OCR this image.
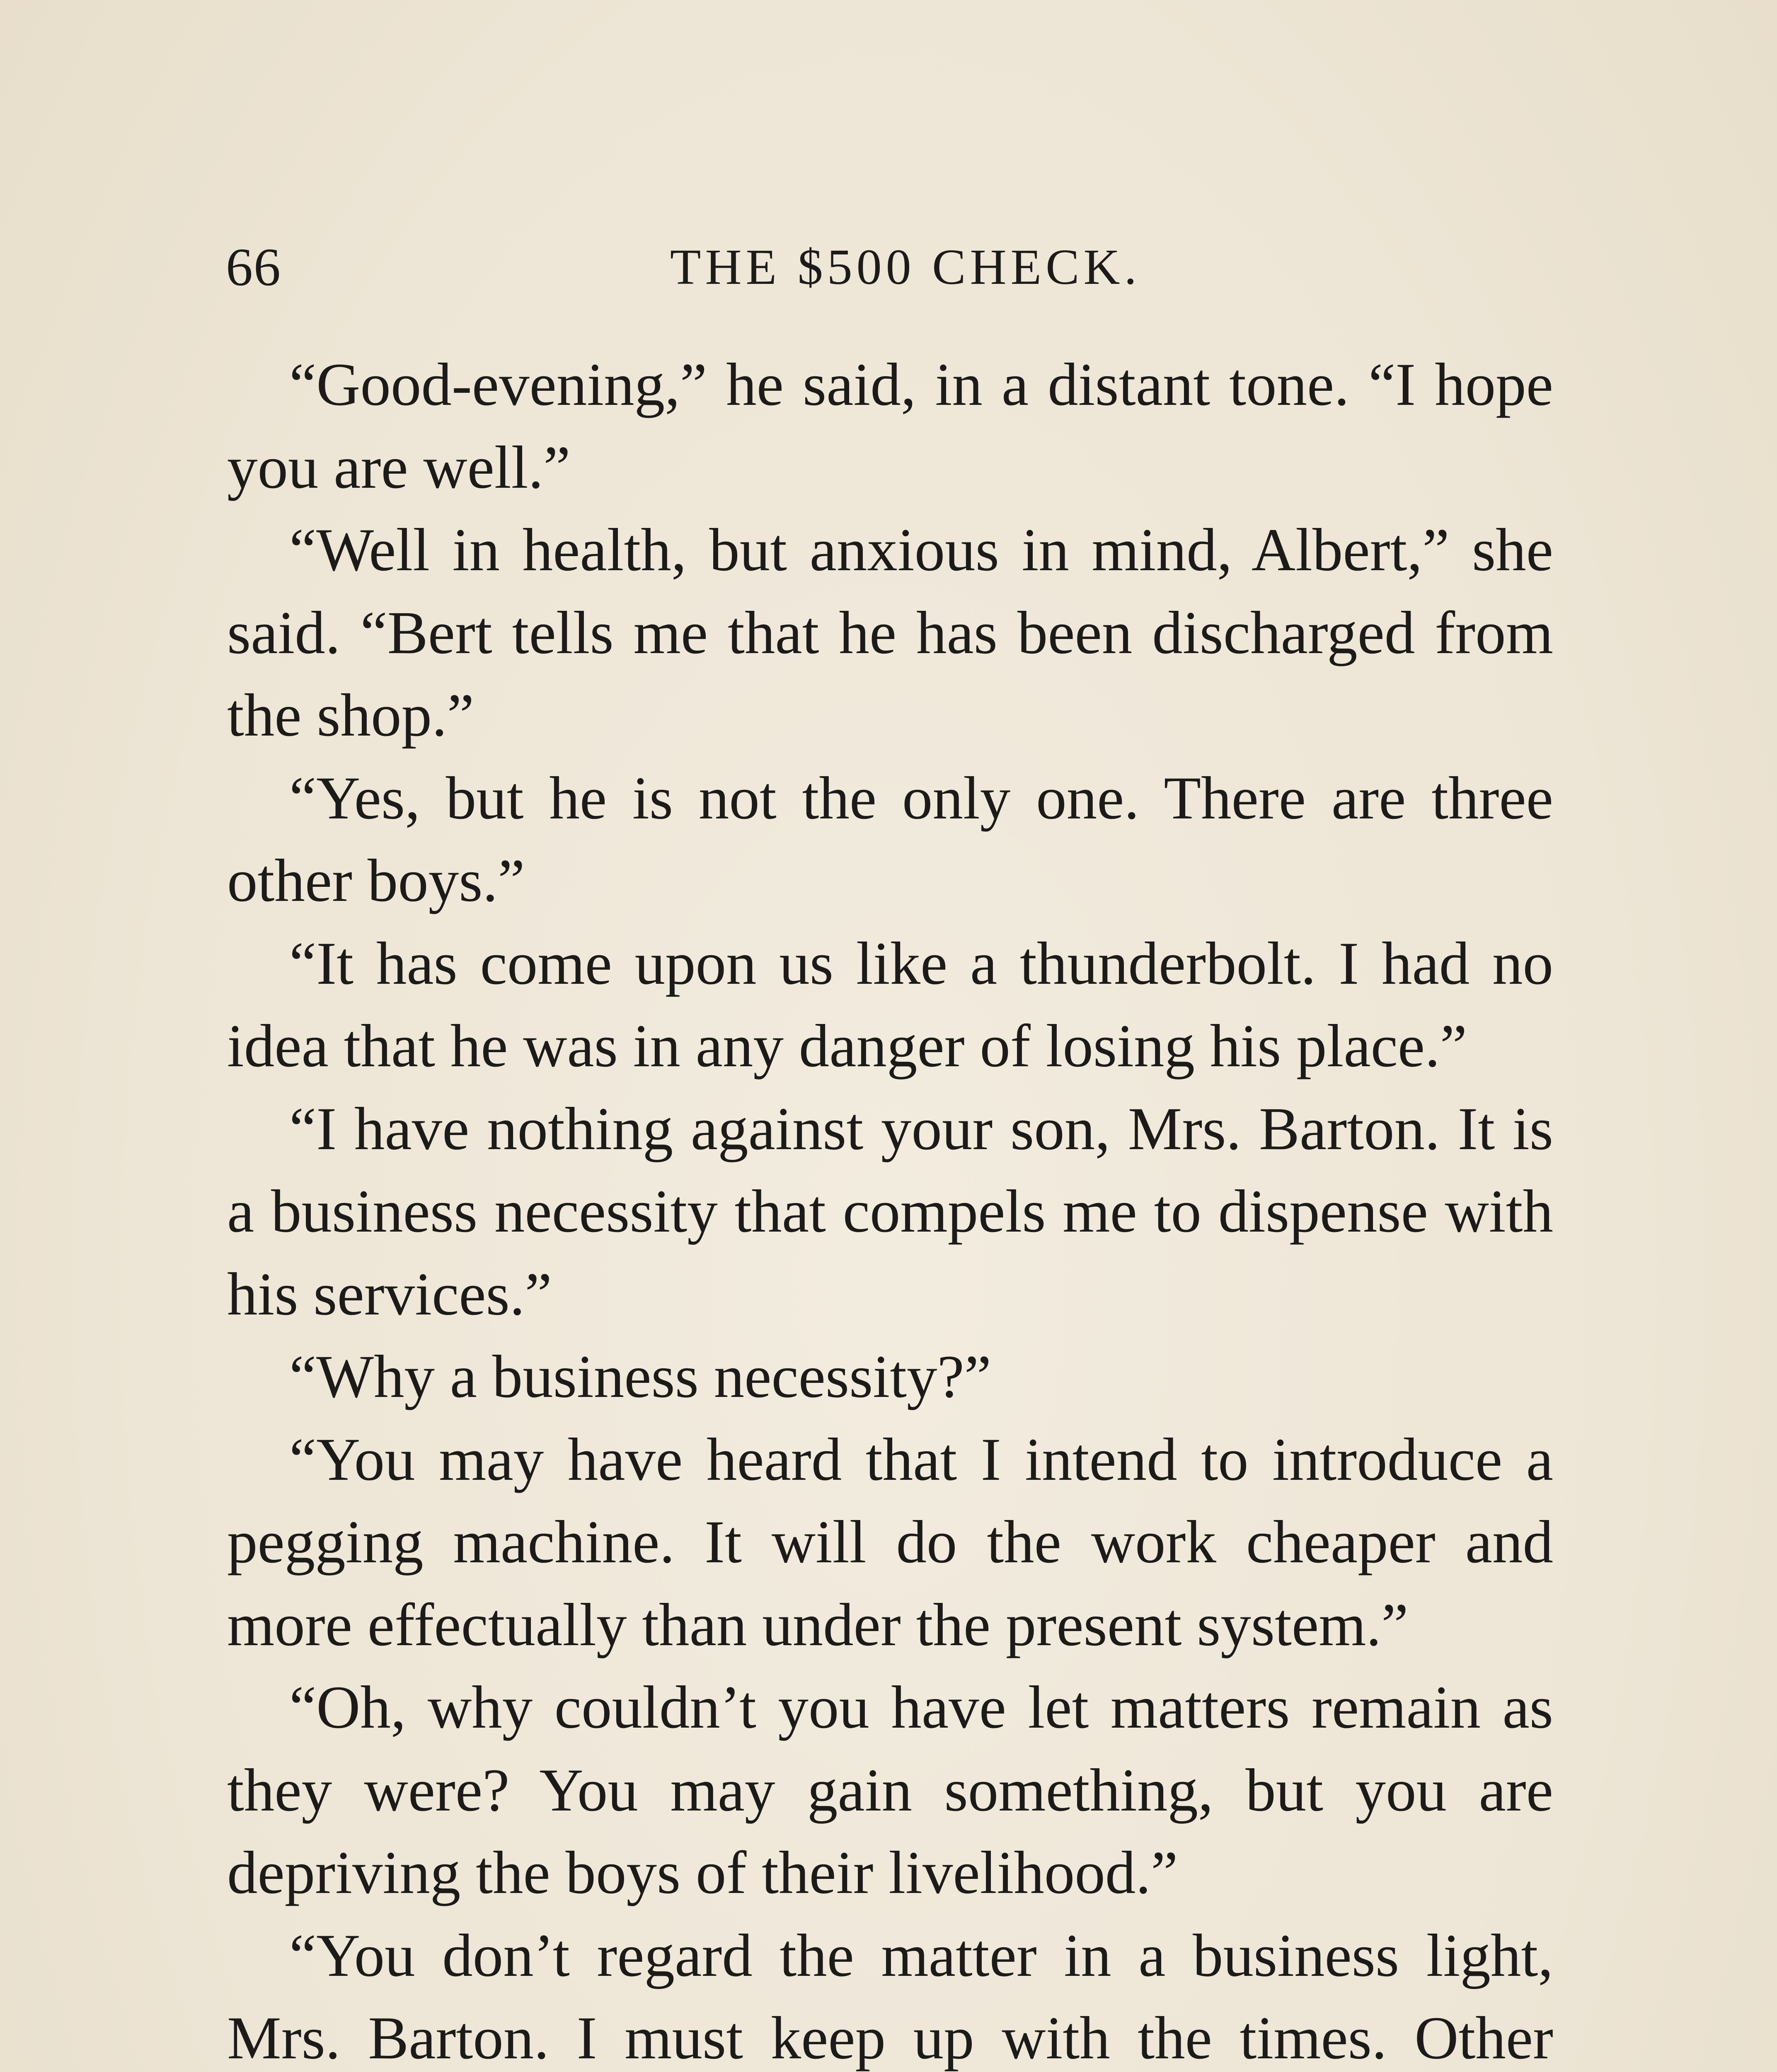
66	THE $500 CHECK.

“Good-evening,” he said, in a distant tone. “I hope you are well.”

“Well in health, but anxious in mind, Albert,” she said. “Bert tells me that he has been discharged from the shop.”

“Yes, but he is not the only one. There are three other boys.”

“It has come upon us like a thunderbolt. I had no idea that he was in any danger of losing his place.”

“I have nothing against your son, Mrs. Barton. It is a business necessity that compels me to dispense with his services.”

“Why a business necessity?”

“You may have heard that I intend to introduce a pegging machine. It will do the work cheaper and more effectually than under the present system.”

“Oh, why couldn’t you have let matters remain as they were? You may gain something, but you are depriving the boys of their livelihood.”

“You don’t regard the matter in a business light, Mrs. Barton. I must keep up with the times. Other
